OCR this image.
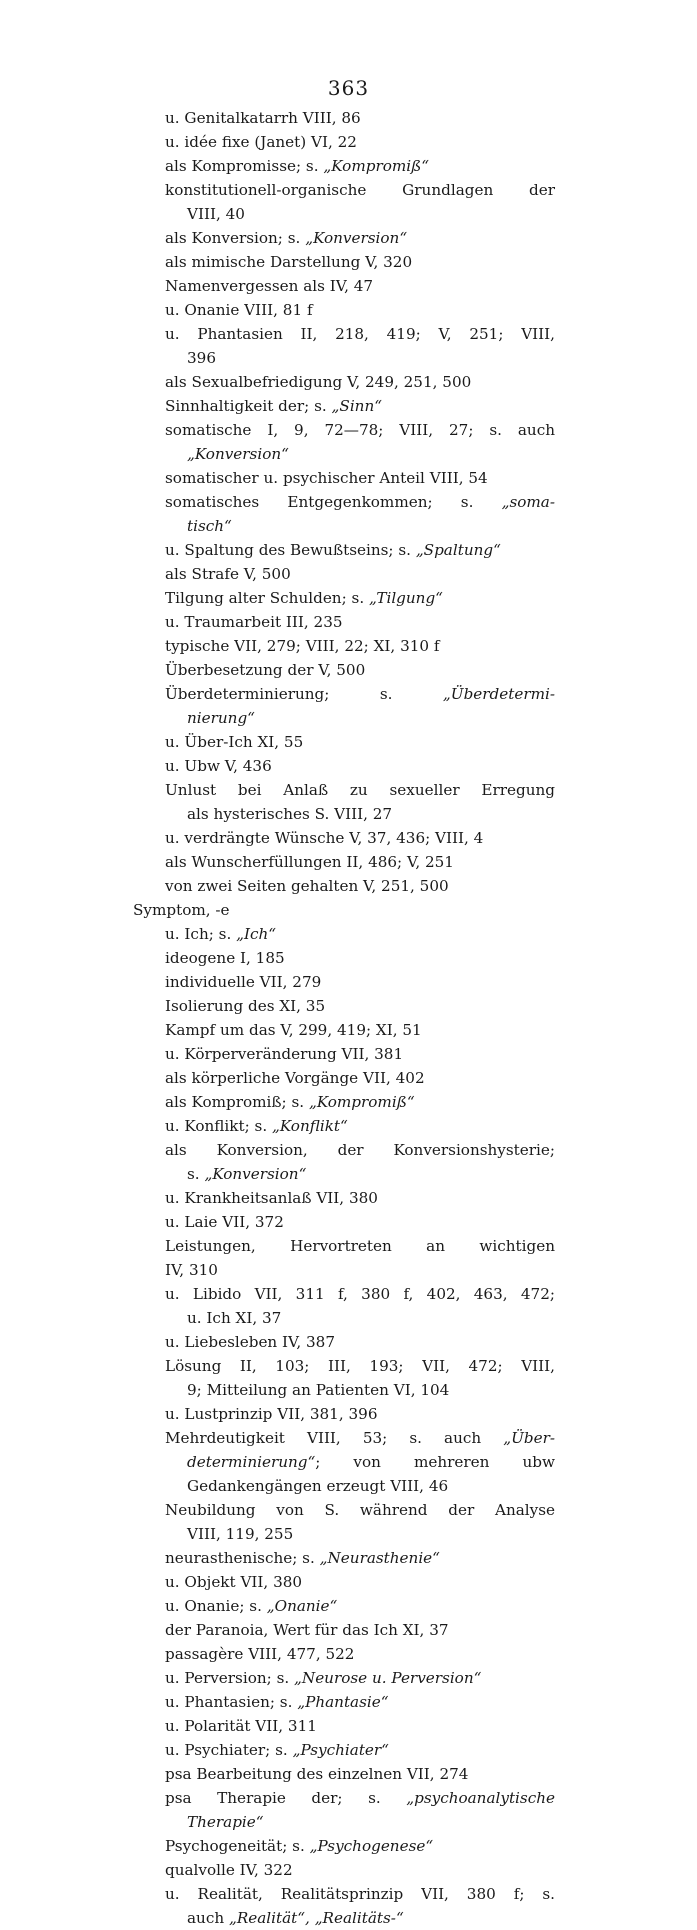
363
u. Genitalkatarrh VIII, 86
u. idée fixe (Janet) VI, 22
als Kompromisse; s. „Kompromiß“
konstitutionell-organische Grundlagen der
VIII, 40
als Konversion; s. „Konversion“
als mimische Darstellung V, 320
Namenvergessen als IV, 47
u. Onanie VIII, 81 f
u. Phantasien II, 218, 419; V, 251; VIII,
396
als Sexualbefriedigung V, 249, 251, 500
Sinnhaltigkeit der; s. „Sinn“
somatische I, 9, 72—78; VIII, 27; s. auch
„Konversion“
somatischer u. psychischer Anteil VIII, 54
somatisches Entgegenkommen; s. „soma-
tisch“
u. Spaltung des Bewußtseins; s. „Spaltung“
als Strafe V, 500
Tilgung alter Schulden; s. „Tilgung“
u. Traumarbeit III, 235
typische VII, 279; VIII, 22; XI, 310 f
Überbesetzung der V, 500
Überdeterminierung; s. „Überdetermi-
nierung“
u. Über-Ich XI, 55
u. Ubw V, 436
Unlust bei Anlaß zu sexueller Erregung
als hysterisches S. VIII, 27
u. verdrängte Wünsche V, 37, 436; VIII, 4
als Wunscherfüllungen II, 486; V, 251
von zwei Seiten gehalten V, 251, 500
Symptom, -e
u. Ich; s. „Ich“
ideogene I, 185
individuelle VII, 279
Isolierung des XI, 35
Kampf um das V, 299, 419; XI, 51
u. Körperveränderung VII, 381
als körperliche Vorgänge VII, 402
als Kompromiß; s. „Kompromiß“
u. Konflikt; s. „Konflikt“
als Konversion, der Konversionshysterie;
s. „Konversion“
u. Krankheitsanlaß VII, 380
u. Laie VII, 372
Leistungen, Hervortreten an wichtigen
IV, 310
u. Libido VII, 311 f, 380 f, 402, 463, 472;
u. Ich XI, 37
u. Liebesleben IV, 387
Lösung II, 103; III, 193; VII, 472; VIII,
9; Mitteilung an Patienten VI, 104
u. Lustprinzip VII, 381, 396
Mehrdeutigkeit VIII, 53; s. auch „Über-
determinierung“; von mehreren ubw
Gedankengängen erzeugt VIII, 46
Neubildung von S. während der Analyse
VIII, 119, 255
neurasthenische; s. „Neurasthenie“
u. Objekt VII, 380
u. Onanie; s. „Onanie“
der Paranoia, Wert für das Ich XI, 37
passagère VIII, 477, 522
u. Perversion; s. „Neurose u. Perversion“
u. Phantasien; s. „Phantasie“
u. Polarität VII, 311
u. Psychiater; s. „Psychiater“
psa Bearbeitung des einzelnen VII, 274
psa Therapie der; s. „psychoanalytische
Therapie“
Psychogeneität; s. „Psychogenese“
qualvolle IV, 322
u. Realität, Realitätsprinzip VII, 380 f; s.
auch „Realität“, „Realitäts-“
